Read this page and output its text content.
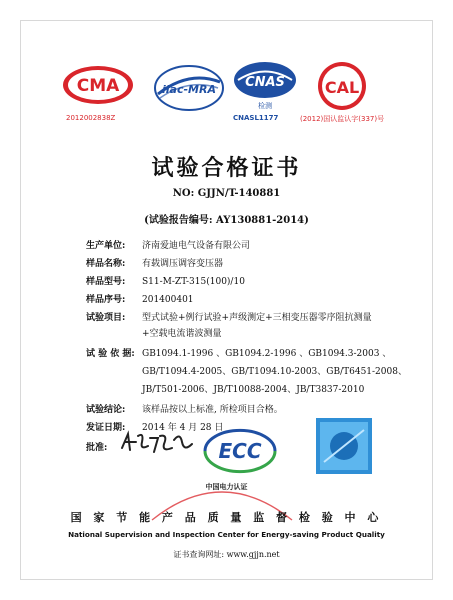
CMA
2012002838Z
ilac-MRA CNAS
检测
CNASL1177
CAL
(2012)国认监认字(337)号
试验合格证书
NO: GJJN/T-140881
(试验报告编号: AY130881-2014)
生产单位: 济南爱迪电气设备有限公司
样品名称: 有载调压调容变压器
样品型号: S11-M-ZT-315(100)/10
样品序号: 201400401
试验项目: 型式试验+例行试验+声级测定+三相变压器零序阻抗测量
+空载电流谐波测量
试 验 依 据: GB1094.1-1996 、GB1094.2-1996 、GB1094.3-2003 、
GB/T1094.4-2005、GB/T1094.10-2003、GB/T6451-2008、
JB/T501-2006、JB/T10088-2004、JB/T3837-2010
试验结论: 该样品按以上标准, 所检项目合格。
发证日期: 2014 年 4 月 28 日
批准:	ECC
中国电力认证
国 家 节 能 产 品 质 量 监 督 检 验 中 心
National Supervision and Inspection Center for Energy-saving Product Quality
证书查询网址: www.gjjn.net
